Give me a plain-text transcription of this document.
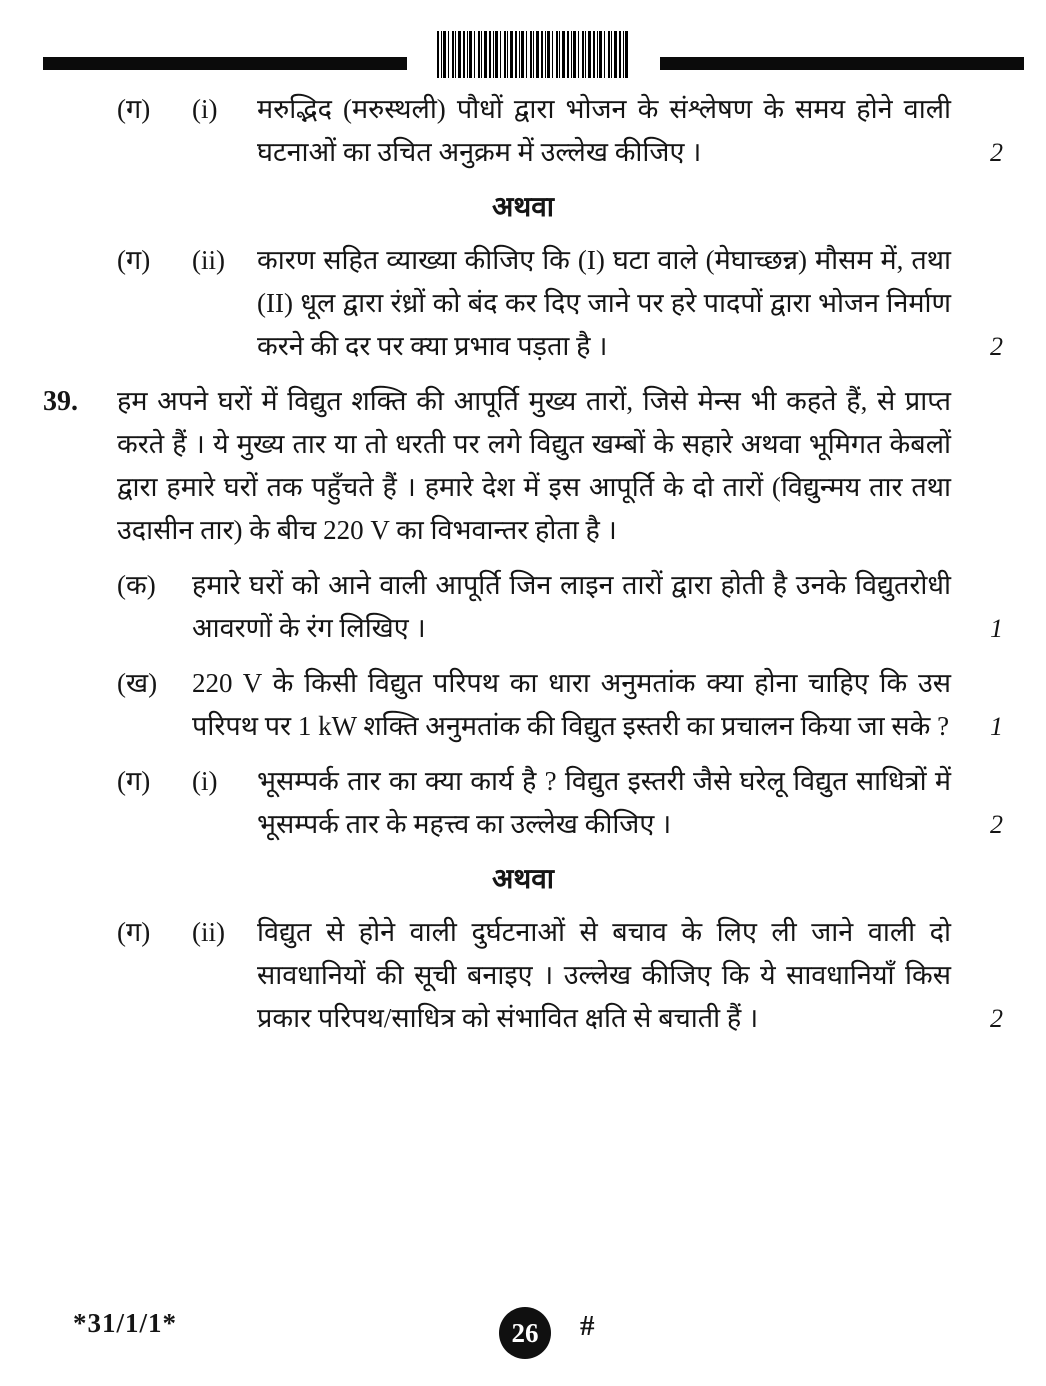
(ग)	(i)	मरुद्भिद (मरुस्थली) पौधों द्वारा भोजन के संश्लेषण के समय होने वाली घटनाओं का उचित अनुक्रम में उल्लेख कीजिए ।	2
अथवा
(ग)	(ii)	कारण सहित व्याख्या कीजिए कि (I) घटा वाले (मेघाच्छन्न) मौसम में, तथा (II) धूल द्वारा रंध्रों को बंद कर दिए जाने पर हरे पादपों द्वारा भोजन निर्माण करने की दर पर क्या प्रभाव पड़ता है ।	2
39.	हम अपने घरों में विद्युत शक्ति की आपूर्ति मुख्य तारों, जिसे मेन्स भी कहते हैं, से प्राप्त करते हैं । ये मुख्य तार या तो धरती पर लगे विद्युत खम्बों के सहारे अथवा भूमिगत केबलों द्वारा हमारे घरों तक पहुँचते हैं । हमारे देश में इस आपूर्ति के दो तारों (विद्युन्मय तार तथा उदासीन तार) के बीच 220 V का विभवान्तर होता है ।
(क)	हमारे घरों को आने वाली आपूर्ति जिन लाइन तारों द्वारा होती है उनके विद्युतरोधी आवरणों के रंग लिखिए ।	1
(ख)	220 V के किसी विद्युत परिपथ का धारा अनुमतांक क्या होना चाहिए कि उस परिपथ पर 1 kW शक्ति अनुमतांक की विद्युत इस्तरी का प्रचालन किया जा सके ?	1
(ग)	(i)	भूसम्पर्क तार का क्या कार्य है ? विद्युत इस्तरी जैसे घरेलू विद्युत साधित्रों में भूसम्पर्क तार के महत्त्व का उल्लेख कीजिए ।	2
अथवा
(ग)	(ii)	विद्युत से होने वाली दुर्घटनाओं से बचाव के लिए ली जाने वाली दो सावधानियों की सूची बनाइए । उल्लेख कीजिए कि ये सावधानियाँ किस प्रकार परिपथ/साधित्र को संभावित क्षति से बचाती हैं ।	2
*31/1/1*	26	#
